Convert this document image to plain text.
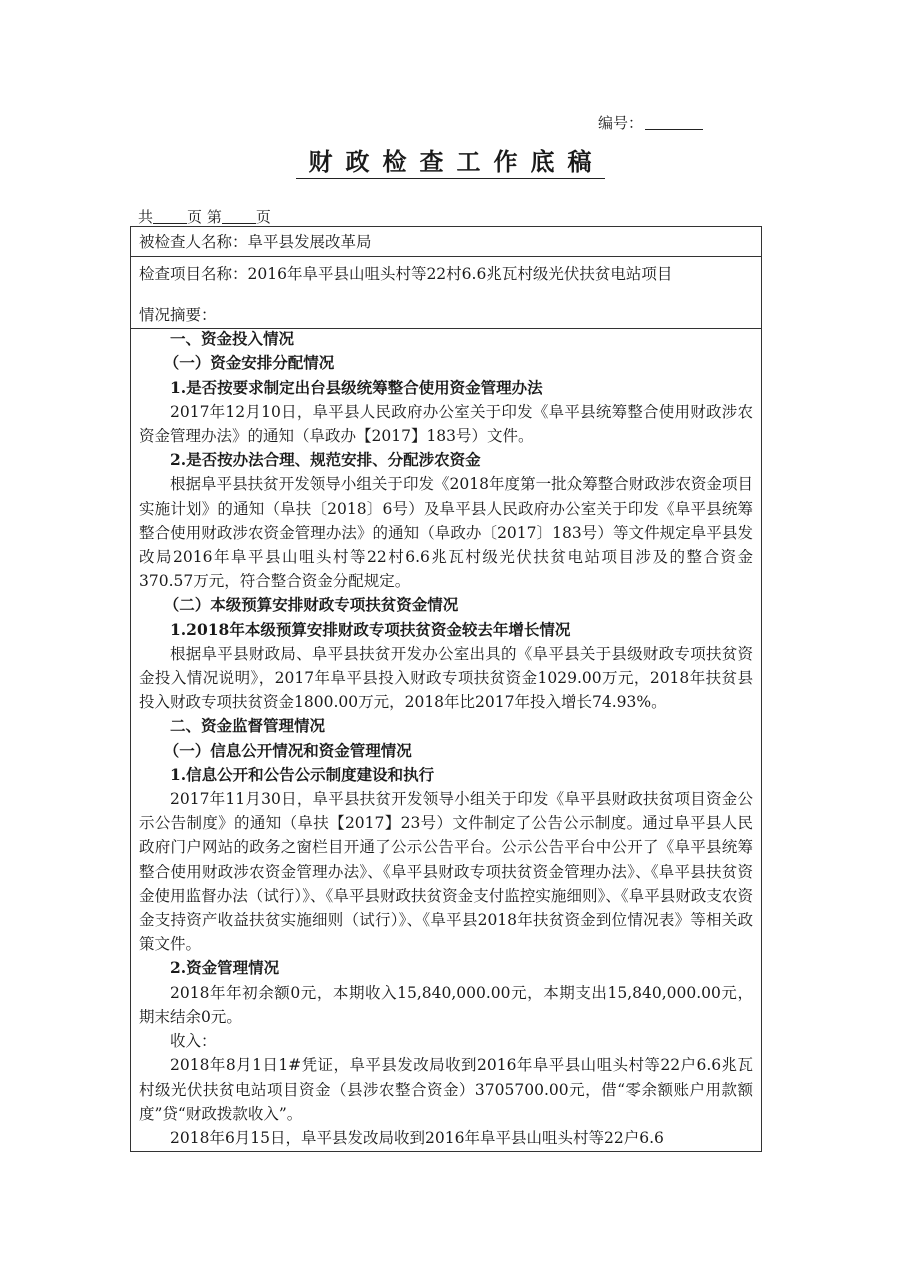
编号：
财政检查工作底稿
共 页 第 页
被检查人名称：阜平县发展改革局
检查项目名称：2016年阜平县山咀头村等22村6.6兆瓦村级光伏扶贫电站项目

情况摘要：

一、资金投入情况

（一）资金安排分配情况

1.是否按要求制定出台县级统筹整合使用资金管理办法

2017年12月10日，阜平县人民政府办公室关于印发《阜平县统筹整合使用财政涉农资金管理办法》的通知（阜政办【2017】183号）文件。

2.是否按办法合理、规范安排、分配涉农资金

根据阜平县扶贫开发领导小组关于印发《2018年度第一批众筹整合财政涉农资金项目实施计划》的通知（阜扶〔2018〕6号）及阜平县人民政府办公室关于印发《阜平县统筹整合使用财政涉农资金管理办法》的通知（阜政办〔2017〕183号）等文件规定阜平县发改局2016年阜平县山咀头村等22村6.6兆瓦村级光伏扶贫电站项目涉及的整合资金370.57万元，符合整合资金分配规定。

（二）本级预算安排财政专项扶贫资金情况

1.2018年本级预算安排财政专项扶贫资金较去年增长情况

根据阜平县财政局、阜平县扶贫开发办公室出具的《阜平县关于县级财政专项扶贫资金投入情况说明》，2017年阜平县投入财政专项扶贫资金1029.00万元，2018年扶贫县投入财政专项扶贫资金1800.00万元，2018年比2017年投入增长74.93%。

二、资金监督管理情况

（一）信息公开情况和资金管理情况

1.信息公开和公告公示制度建设和执行

2017年11月30日，阜平县扶贫开发领导小组关于印发《阜平县财政扶贫项目资金公示公告制度》的通知（阜扶【2017】23号）文件制定了公告公示制度。通过阜平县人民政府门户网站的政务之窗栏目开通了公示公告平台。公示公告平台中公开了《阜平县统筹整合使用财政涉农资金管理办法》、《阜平县财政专项扶贫资金管理办法》、《阜平县扶贫资金使用监督办法（试行）》、《阜平县财政扶贫资金支付监控实施细则》、《阜平县财政支农资金支持资产收益扶贫实施细则（试行）》、《阜平县2018年扶贫资金到位情况表》等相关政策文件。

2.资金管理情况

2018年年初余额0元，本期收入15,840,000.00元，本期支出15,840,000.00元，期末结余0元。

收入：

2018年8月1日1#凭证，阜平县发改局收到2016年阜平县山咀头村等22户6.6兆瓦村级光伏扶贫电站项目资金（县涉农整合资金）3705700.00元，借“零余额账户用款额度”贷“财政拨款收入”。

2018年6月15日，阜平县发改局收到2016年阜平县山咀头村等22户6.6
